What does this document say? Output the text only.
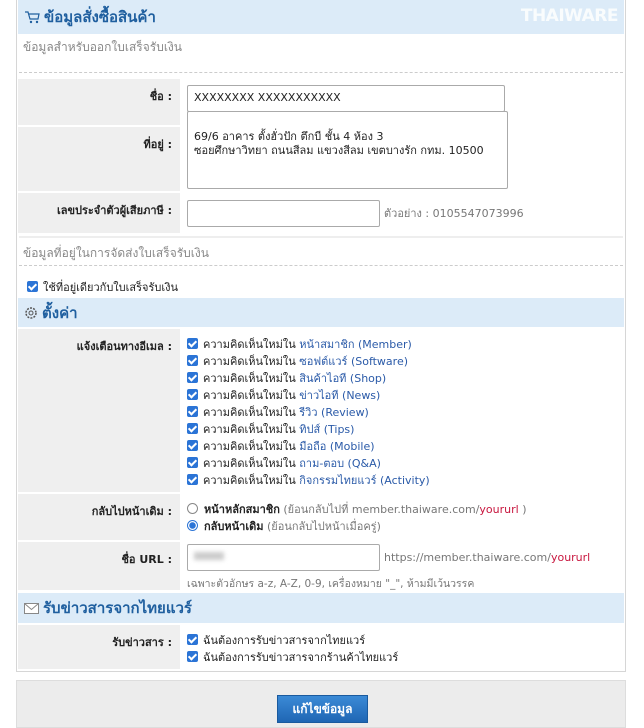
ข้อมูลสั่งซื้อสินค้า	THAIWARE
ข้อมูลสำหรับออกใบเสร็จรับเงิน
ชื่อ :	XXXXXXXX XXXXXXXXXXX
ที่อยู่ :
69/6 อาคาร ตั้งฮั่วปัก ตึกบี ชั้น 4 ห้อง 3
ซอยศึกษาวิทยา ถนนสีลม แขวงสีลม เขตบางรัก กทม. 10500
เลขประจำตัวผู้เสียภาษี :	ตัวอย่าง : 0105547073996
ข้อมูลที่อยู่ในการจัดส่งใบเสร็จรับเงิน
ใช้ที่อยู่เดียวกับใบเสร็จรับเงิน
ตั้งค่า
แจ้งเตือนทางอีเมล :	ความคิดเห็นใหม่ใน หน้าสมาชิก (Member)
ความคิดเห็นใหม่ใน ซอฟต์แวร์ (Software)
ความคิดเห็นใหม่ใน สินค้าไอที (Shop)
ความคิดเห็นใหม่ใน ข่าวไอที (News)
ความคิดเห็นใหม่ใน รีวิว (Review)
ความคิดเห็นใหม่ใน ทิปส์ (Tips)
ความคิดเห็นใหม่ใน มือถือ (Mobile)
ความคิดเห็นใหม่ใน ถาม-ตอบ (Q&A)
ความคิดเห็นใหม่ใน กิจกรรมไทยแวร์ (Activity)
กลับไปหน้าเดิม :	หน้าหลักสมาชิก (ย้อนกลับไปที่ member.thaiware.com/yoururl )
กลับหน้าเดิม (ย้อนกลับไปหน้าเมื่อครู่)
ชื่อ URL :	https://member.thaiware.com/yoururl
เฉพาะตัวอักษร a-z, A-Z, 0-9, เครื่องหมาย "_", ห้ามมีเว้นวรรค
รับข่าวสารจากไทยแวร์
รับข่าวสาร :	ฉันต้องการรับข่าวสารจากไทยแวร์
ฉันต้องการรับข่าวสารจากร้านค้าไทยแวร์
แก้ไขข้อมูล
